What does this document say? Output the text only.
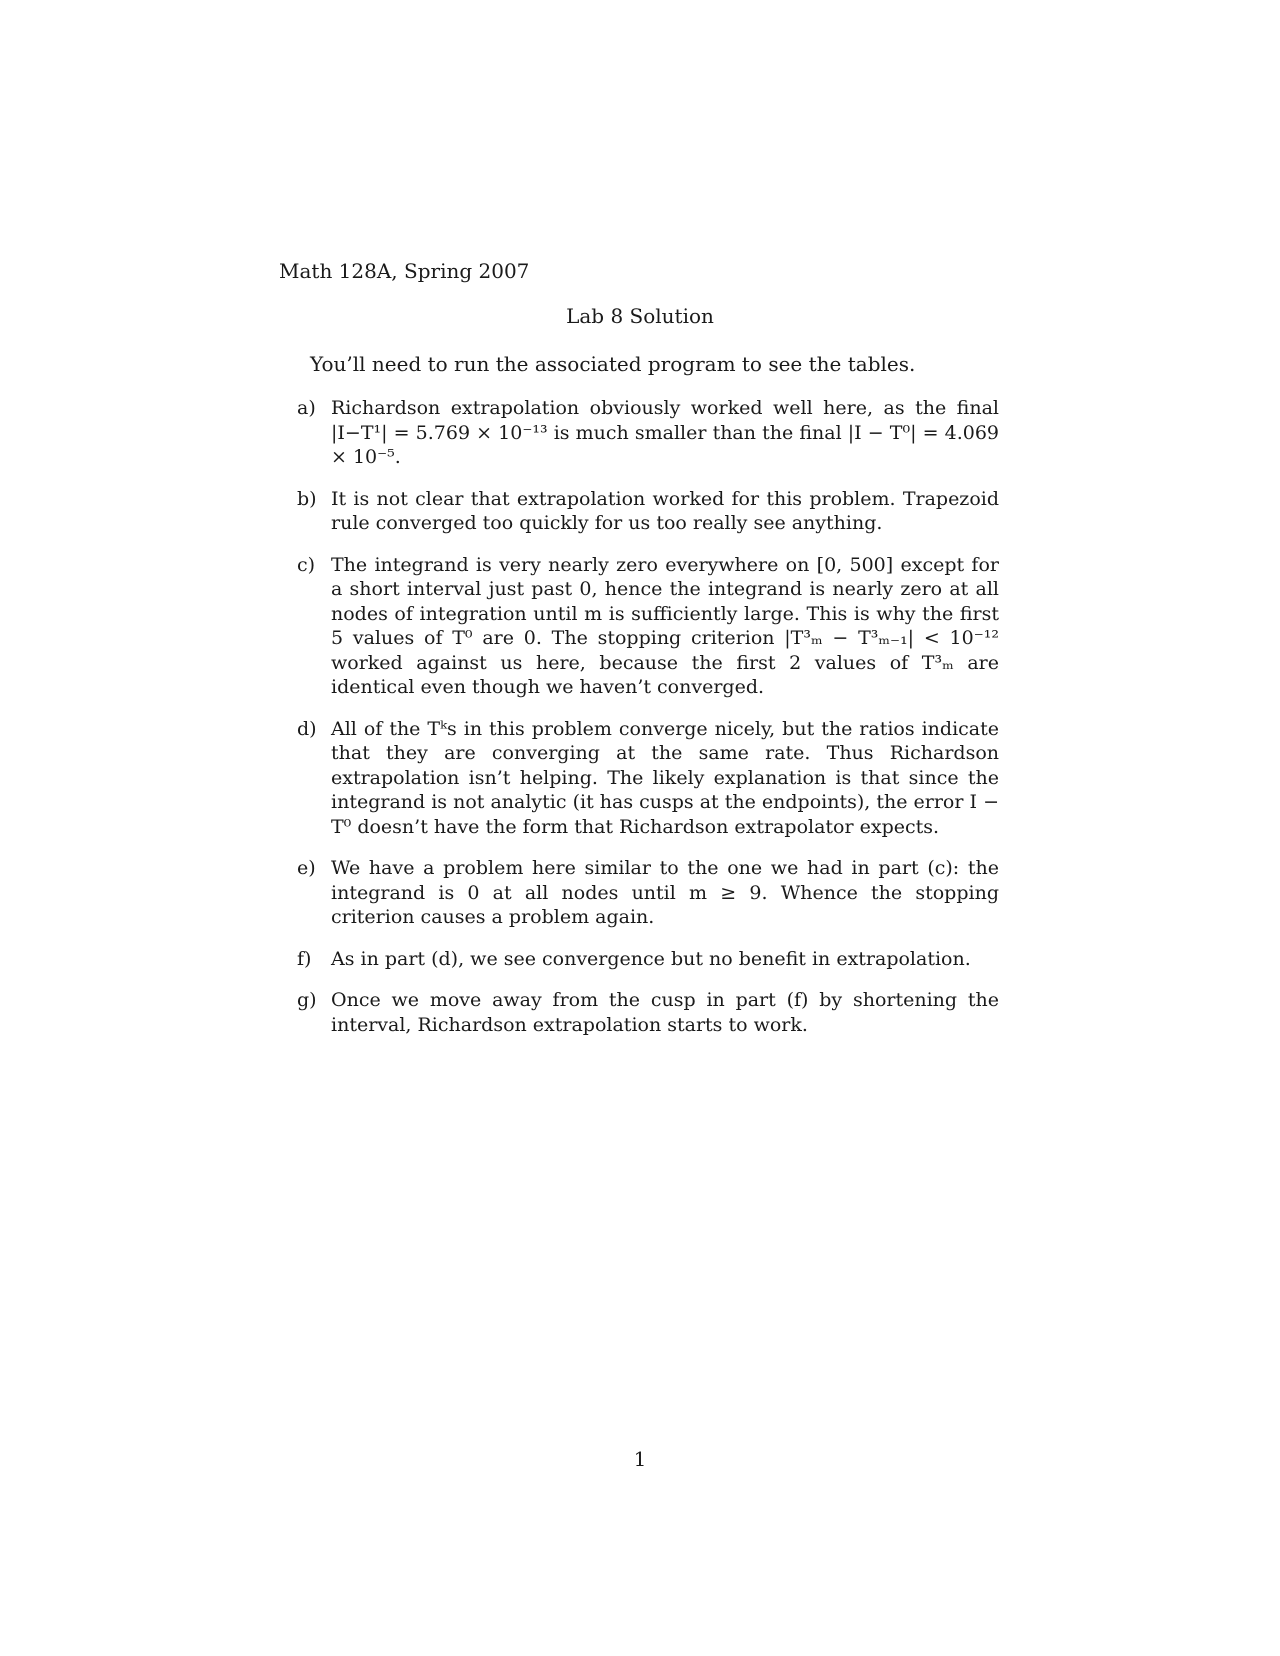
Math 128A, Spring 2007
Lab 8 Solution
You’ll need to run the associated program to see the tables.
a) Richardson extrapolation obviously worked well here, as the final |I−T¹| = 5.769 × 10⁻¹³ is much smaller than the final |I − T⁰| = 4.069 × 10⁻⁵.
b) It is not clear that extrapolation worked for this problem. Trapezoid rule converged too quickly for us too really see anything.
c) The integrand is very nearly zero everywhere on [0, 500] except for a short interval just past 0, hence the integrand is nearly zero at all nodes of integration until m is sufficiently large. This is why the first 5 values of T⁰ are 0. The stopping criterion |T³ₘ − T³ₘ₋₁| < 10⁻¹² worked against us here, because the first 2 values of T³ₘ are identical even though we haven’t converged.
d) All of the Tᵏs in this problem converge nicely, but the ratios indicate that they are converging at the same rate. Thus Richardson extrapolation isn’t helping. The likely explanation is that since the integrand is not analytic (it has cusps at the endpoints), the error I − T⁰ doesn’t have the form that Richardson extrapolator expects.
e) We have a problem here similar to the one we had in part (c): the integrand is 0 at all nodes until m ≥ 9. Whence the stopping criterion causes a problem again.
f)	As in part (d), we see convergence but no benefit in extrapolation.
g) Once we move away from the cusp in part (f) by shortening the interval, Richardson extrapolation starts to work.
1
